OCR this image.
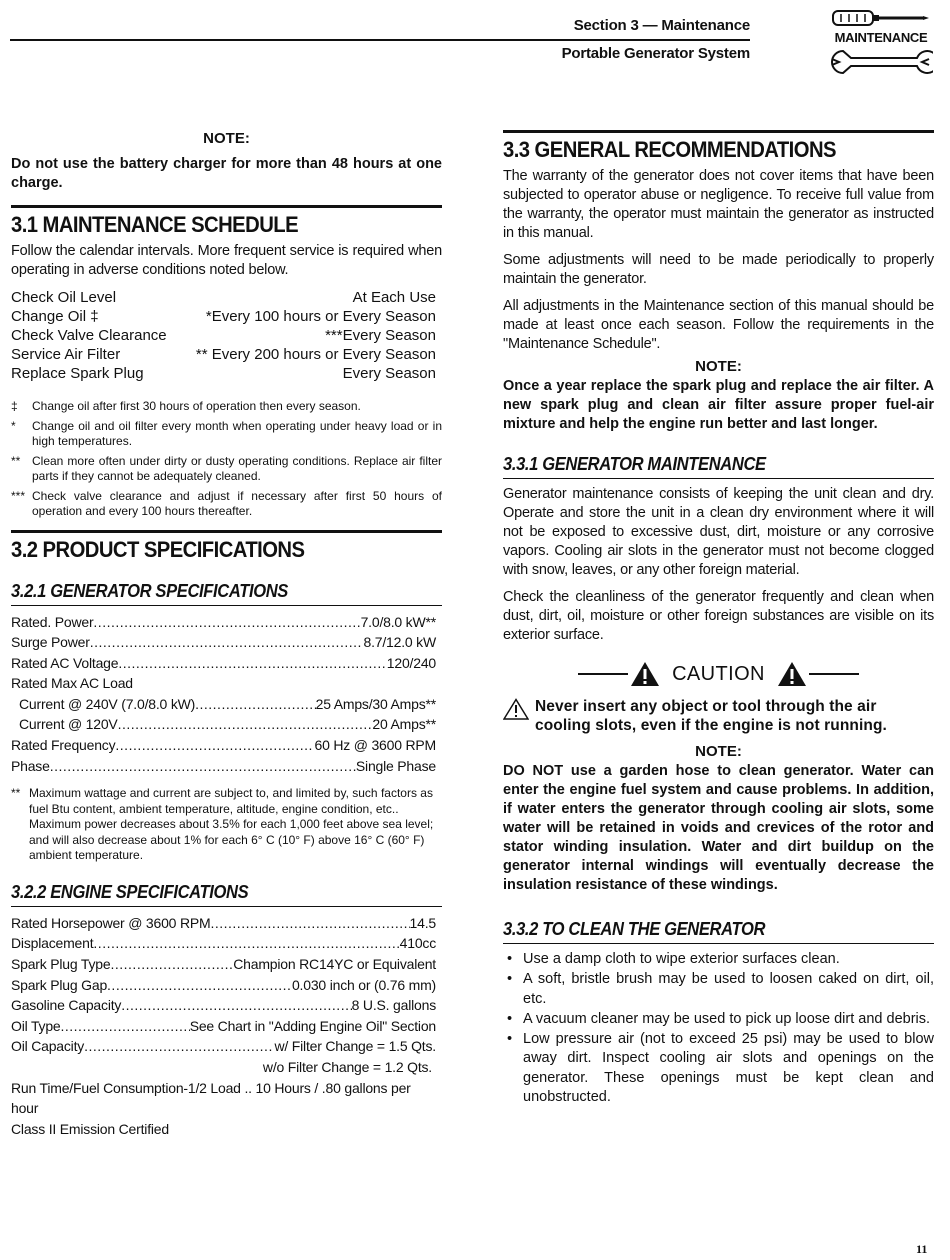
Section 3 — Maintenance
Portable Generator System
MAINTENANCE
NOTE:
Do not use the battery charger for more than 48 hours at one charge.
3.1 MAINTENANCE SCHEDULE

Follow the calendar intervals. More frequent service is required when operating in adverse conditions noted below.

Check Oil Level	At Each Use
Change Oil ‡	*Every 100 hours or Every Season
Check Valve Clearance	***Every Season
Service Air Filter	** Every 200 hours or Every Season
Replace Spark Plug	Every Season
‡	Change oil after first 30 hours of operation then every season.
*	Change oil and oil filter every month when operating under heavy load or in high temperatures.
** Clean more often under dirty or dusty operating conditions. Replace air filter parts if they cannot be adequately cleaned.
*** Check valve clearance and adjust if necessary after first 50 hours of operation and every 100 hours thereafter.
3.2 PRODUCT SPECIFICATIONS
3.2.1 GENERATOR SPECIFICATIONS
Rated. Power .....	7.0/8.0 kW**
Surge Power .....	8.7/12.0 kW
Rated AC Voltage .....	120/240
Rated Max AC Load
Current @ 240V (7.0/8.0 kW) .....	25 Amps/30 Amps**
Current @ 120V .....	20 Amps**
Rated Frequency .....	60 Hz @ 3600 RPM
Phase .....	Single Phase
** Maximum wattage and current are subject to, and limited by, such factors as fuel Btu content, ambient temperature, altitude, engine condition, etc.. Maximum power decreases about 3.5% for each 1,000 feet above sea level; and will also decrease about 1% for each 6° C (10° F) above 16° C (60° F) ambient temperature.
3.2.2 ENGINE SPECIFICATIONS
Rated Horsepower @ 3600 RPM .....	14.5
Displacement .....	410cc
Spark Plug Type .....	Champion RC14YC or Equivalent
Spark Plug Gap .....	0.030 inch or (0.76 mm)
Gasoline Capacity .....	8 U.S. gallons
Oil Type .....	See Chart in "Adding Engine Oil" Section
Oil Capacity .....	w/ Filter Change = 1.5 Qts.
w/o Filter Change = 1.2 Qts.
Run Time/Fuel Consumption-1/2 Load .. 10 Hours / .80 gallons per hour
Class II Emission Certified
3.3 GENERAL RECOMMENDATIONS

The warranty of the generator does not cover items that have been subjected to operator abuse or negligence. To receive full value from the warranty, the operator must maintain the generator as instructed in this manual.

Some adjustments will need to be made periodically to properly maintain the generator.

All adjustments in the Maintenance section of this manual should be made at least once each season. Follow the requirements in the "Maintenance Schedule".

NOTE:
Once a year replace the spark plug and replace the air filter. A new spark plug and clean air filter assure proper fuel-air mixture and help the engine run better and last longer.
3.3.1 GENERATOR MAINTENANCE

Generator maintenance consists of keeping the unit clean and dry. Operate and store the unit in a clean dry environment where it will not be exposed to excessive dust, dirt, moisture or any corrosive vapors. Cooling air slots in the generator must not become clogged with snow, leaves, or any other foreign material.

Check the cleanliness of the generator frequently and clean when dust, dirt, oil, moisture or other foreign substances are visible on its exterior surface.

CAUTION
Never insert any object or tool through the air cooling slots, even if the engine is not running.
NOTE:
DO NOT use a garden hose to clean generator. Water can enter the engine fuel system and cause problems. In addition, if water enters the generator through cooling air slots, some water will be retained in voids and crevices of the rotor and stator winding insulation. Water and dirt buildup on the generator internal windings will eventually decrease the insulation resistance of these windings.
3.3.2 TO CLEAN THE GENERATOR
• Use a damp cloth to wipe exterior surfaces clean.
• A soft, bristle brush may be used to loosen caked on dirt, oil, etc.
• A vacuum cleaner may be used to pick up loose dirt and debris.
• Low pressure air (not to exceed 25 psi) may be used to blow away dirt. Inspect cooling air slots and openings on the generator. These openings must be kept clean and unobstructed.
11
